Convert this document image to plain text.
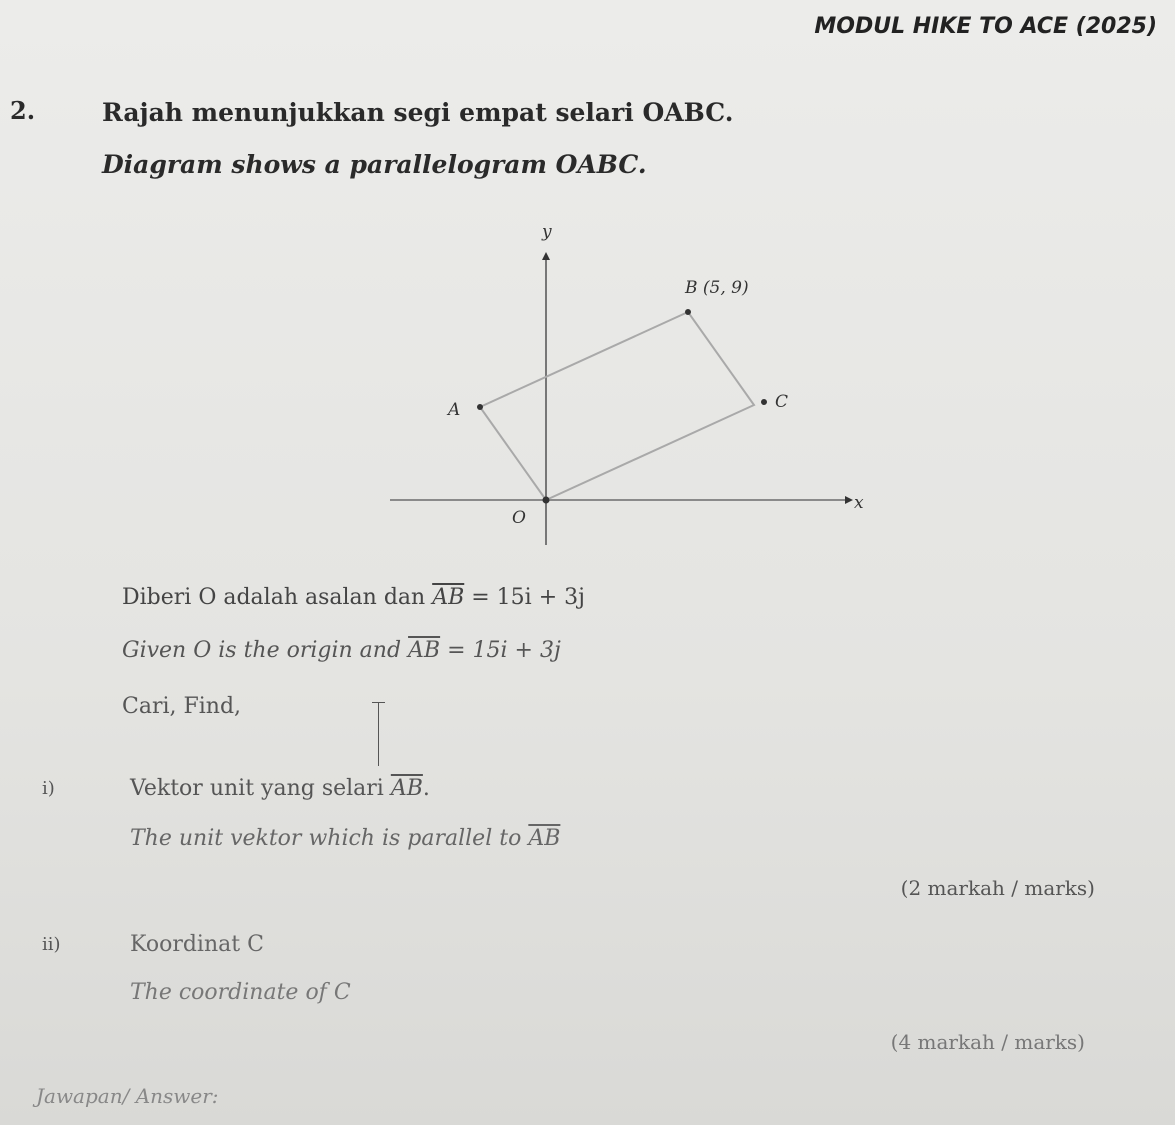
MODUL HIKE TO ACE (2025)
2.	Rajah menunjukkan segi empat selari OABC.
Diagram shows a parallelogram OABC.
y
x
B (5, 9)
A	C
O
Diberi O adalah asalan dan $\overline{AB} = 15i + 3j$
Given O is the origin and $\overline{AB} = 15i + 3j$
Cari, Find,
i)	Vektor unit yang selari $\overline{AB}$.
The unit vektor which is parallel to $\overline{AB}$
(2 markah / marks)
ii)	Koordinat C
The coordinate of C
(4 markah / marks)
Jawapan/ Answer:
